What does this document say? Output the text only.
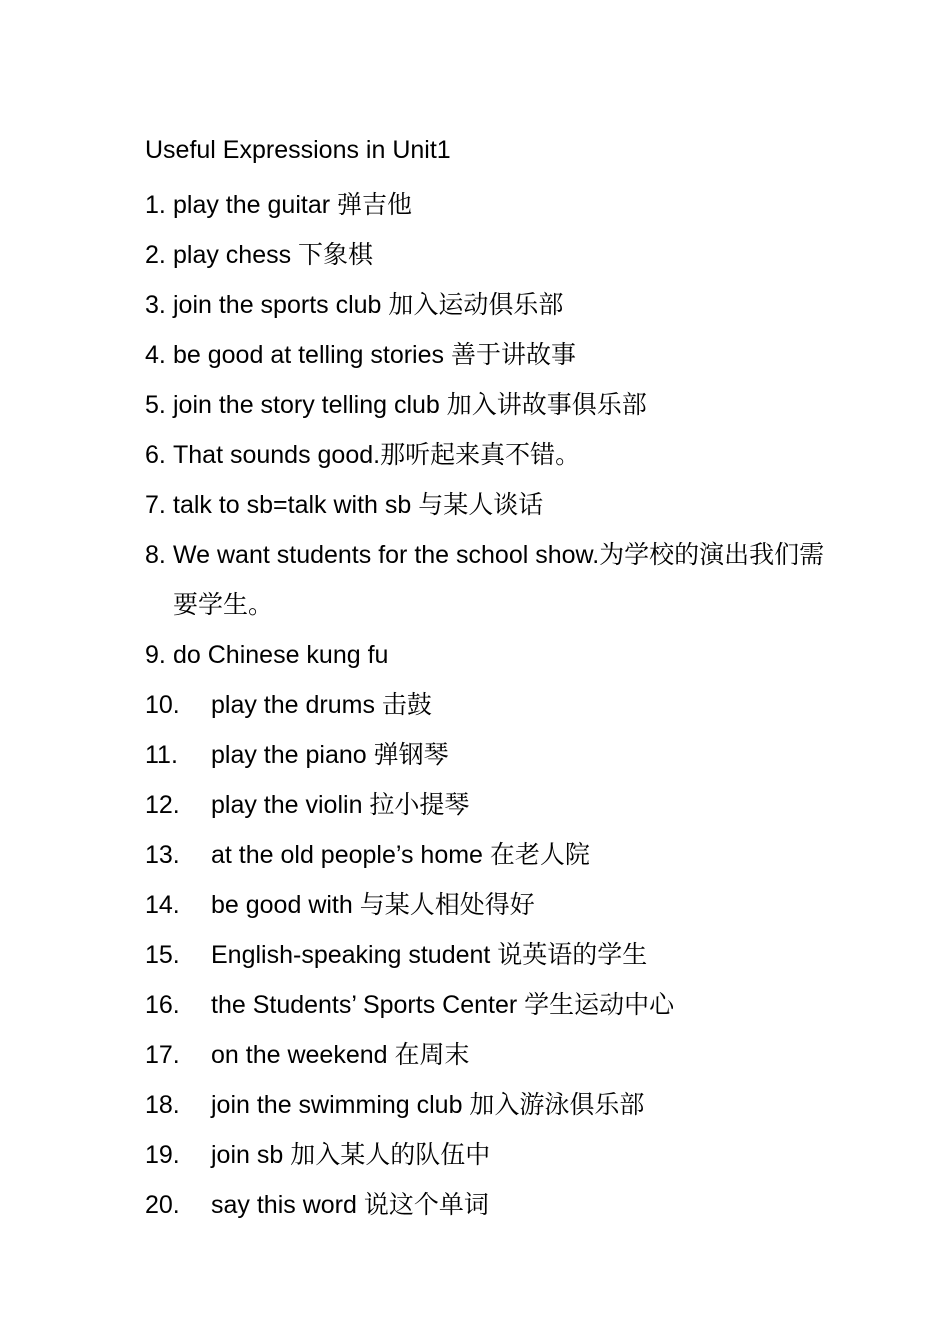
Useful Expressions in Unit1
1. play the guitar 弹吉他
2. play chess 下象棋
3. join the sports club 加入运动俱乐部
4. be good at telling stories 善于讲故事
5. join the story telling club 加入讲故事俱乐部
6. That sounds good.那听起来真不错。
7. talk to sb=talk with sb 与某人谈话
8. We want students for the school show.为学校的演出我们需要学生。
9. do Chinese kung fu
10.	play the drums 击鼓
11.	play the piano 弹钢琴
12.	play the violin 拉小提琴
13.	at the old people’s home 在老人院
14.	be good with 与某人相处得好
15.	English-speaking student 说英语的学生
16.	the Students’ Sports Center 学生运动中心
17.	on the weekend 在周末
18.	join the swimming club 加入游泳俱乐部
19.	join sb 加入某人的队伍中
20.	say this word 说这个单词
